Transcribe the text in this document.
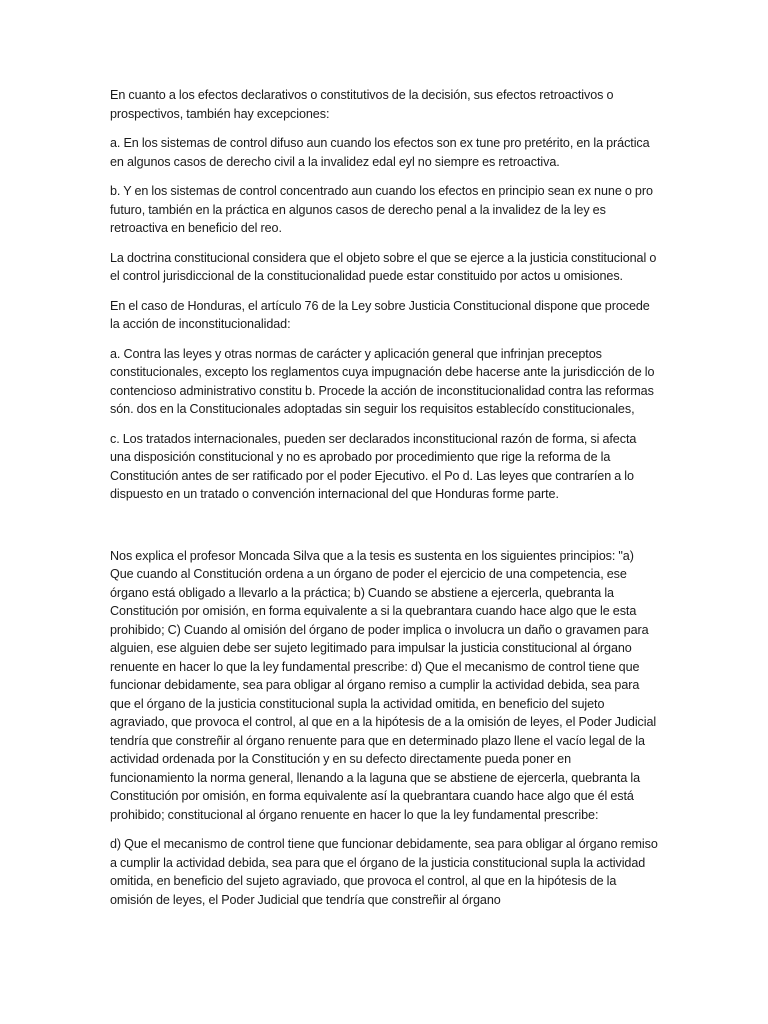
En cuanto a los efectos declarativos o constitutivos de la decisión, sus efectos retroactivos o prospectivos, también hay excepciones:

a. En los sistemas de control difuso aun cuando los efectos son ex tune pro pretérito, en la práctica en algunos casos de derecho civil a la invalidez edal eyl no siempre es retroactiva.

b. Y en los sistemas de control concentrado aun cuando los efectos en principio sean ex nune o pro futuro, también en la práctica en algunos casos de derecho penal a la invalidez de la ley es retroactiva en beneficio del reo.

La doctrina constitucional considera que el objeto sobre el que se ejerce a la justicia constitucional o el control jurisdiccional de la constitucionalidad puede estar constituido por actos u omisiones.

En el caso de Honduras, el artículo 76 de la Ley sobre Justicia Constitucional dispone que procede la acción de inconstitucionalidad:

a. Contra las leyes y otras normas de carácter y aplicación general que infrinjan preceptos constitucionales, excepto los reglamentos cuya impugnación debe hacerse ante la jurisdicción de lo contencioso administrativo constitu b. Procede la acción de inconstitucionalidad contra las reformas són. dos en la Constitucionales adoptadas sin seguir los requisitos establecído constitucionales,

c. Los tratados internacionales, pueden ser declarados inconstitucional razón de forma, si afecta una disposición constitucional y no es aprobado por procedimiento que rige la reforma de la Constitución antes de ser ratificado por el poder Ejecutivo. el Po d. Las leyes que contraríen a lo dispuesto en un tratado o convención internacional del que Honduras forme parte.

Nos explica el profesor Moncada Silva que a la tesis es sustenta en los siguientes principios: "a) Que cuando al Constitución ordena a un órgano de poder el ejercicio de una competencia, ese órgano está obligado a llevarlo a la práctica; b) Cuando se abstiene a ejercerla, quebranta la Constitución por omisión, en forma equivalente a si la quebrantara cuando hace algo que le esta prohibido; C) Cuando al omisión del órgano de poder implica o involucra un daño o gravamen para alguien, ese alguien debe ser sujeto legitimado para impulsar la justicia constitucional al órgano renuente en hacer lo que la ley fundamental prescribe: d) Que el mecanismo de control tiene que funcionar debidamente, sea para obligar al órgano remiso a cumplir la actividad debida, sea para que el órgano de la justicia constitucional supla la actividad omitida, en beneficio del sujeto agraviado, que provoca el control, al que en a la hipótesis de a la omisión de leyes, el Poder Judicial tendría que constreñir al órgano renuente para que en determinado plazo llene el vacío legal de la actividad ordenada por la Constitución y en su defecto directamente pueda poner en funcionamiento la norma general, llenando a la laguna que se abstiene de ejercerla, quebranta la Constitución por omisión, en forma equivalente así la quebrantara cuando hace algo que él está prohibido; constitucional al órgano renuente en hacer lo que la ley fundamental prescribe:

d) Que el mecanismo de control tiene que funcionar debidamente, sea para obligar al órgano remiso a cumplir la actividad debida, sea para que el órgano de la justicia constitucional supla la actividad omitida, en beneficio del sujeto agraviado, que provoca el control, al que en la hipótesis de la omisión de leyes, el Poder Judicial que tendría que constreñir al órgano
